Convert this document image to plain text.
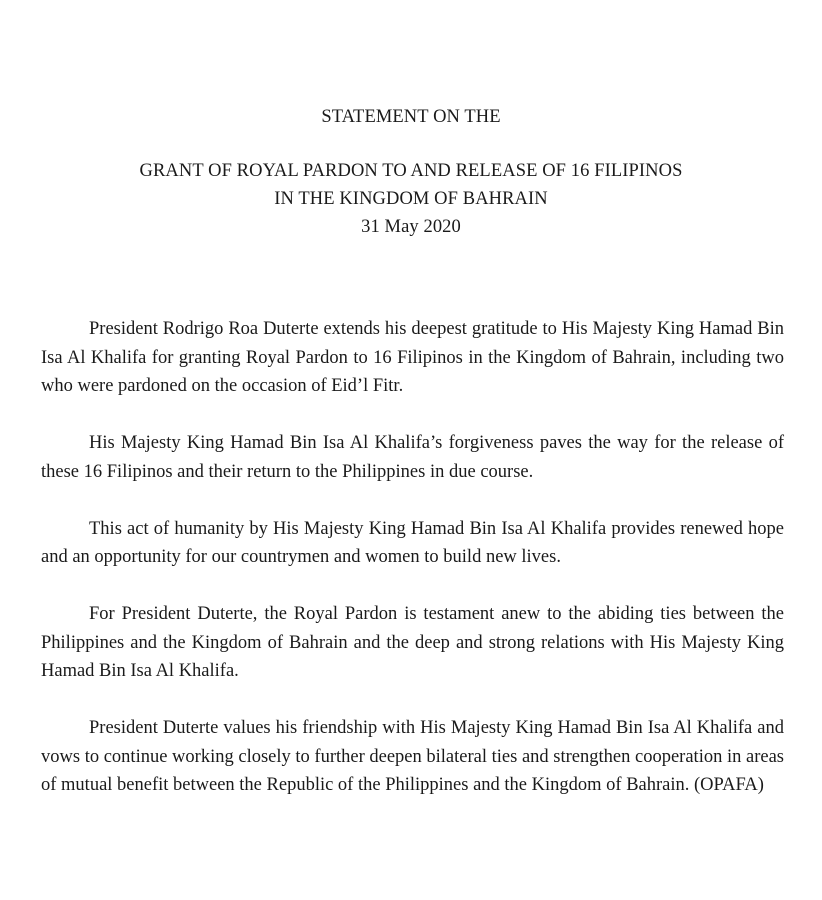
STATEMENT ON THE
GRANT OF ROYAL PARDON TO AND RELEASE OF 16 FILIPINOS
IN THE KINGDOM OF BAHRAIN
31 May 2020

President Rodrigo Roa Duterte extends his deepest gratitude to His Majesty King Hamad Bin Isa Al Khalifa for granting Royal Pardon to 16 Filipinos in the Kingdom of Bahrain, including two who were pardoned on the occasion of Eid’l Fitr.

His Majesty King Hamad Bin Isa Al Khalifa’s forgiveness paves the way for the release of these 16 Filipinos and their return to the Philippines in due course.

This act of humanity by His Majesty King Hamad Bin Isa Al Khalifa provides renewed hope and an opportunity for our countrymen and women to build new lives.

For President Duterte, the Royal Pardon is testament anew to the abiding ties between the Philippines and the Kingdom of Bahrain and the deep and strong relations with His Majesty King Hamad Bin Isa Al Khalifa.

President Duterte values his friendship with His Majesty King Hamad Bin Isa Al Khalifa and vows to continue working closely to further deepen bilateral ties and strengthen cooperation in areas of mutual benefit between the Republic of the Philippines and the Kingdom of Bahrain. (OPAFA)
